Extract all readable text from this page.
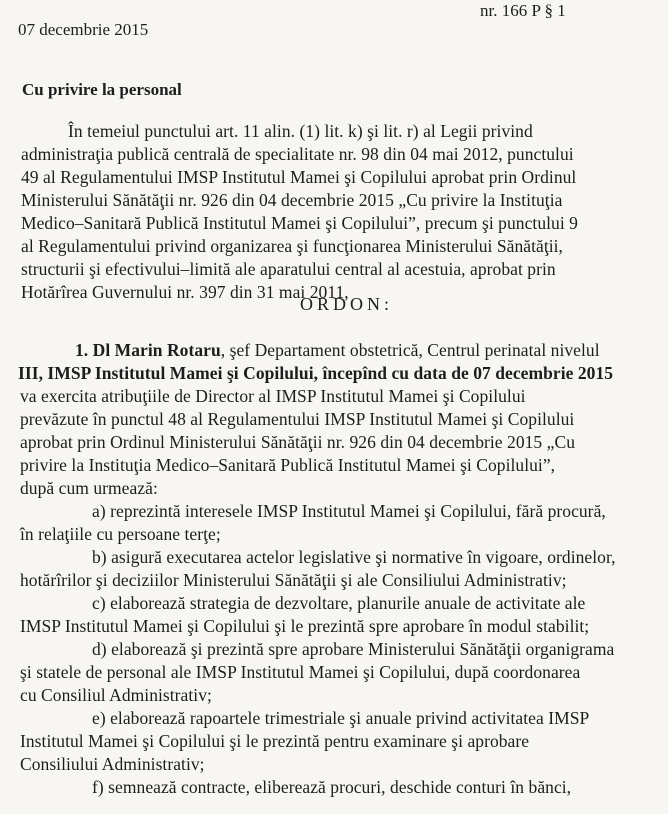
nr. 166 P § 1
07 decembrie 2015
Cu privire la personal
În temeiul punctului art. 11 alin. (1) lit. k) şi lit. r) al Legii privind
administraţia publică centrală de specialitate nr. 98 din 04 mai 2012, punctului
49 al Regulamentului IMSP Institutul Mamei şi Copilului aprobat prin Ordinul
Ministerului Sănătăţii nr. 926 din 04 decembrie 2015 „Cu privire la Instituţia
Medico–Sanitară Publică Institutul Mamei şi Copilului”, precum şi punctului 9
al Regulamentului privind organizarea şi funcţionarea Ministerului Sănătăţii,
structurii şi efectivului–limită ale aparatului central al acestuia, aprobat prin
Hotărîrea Guvernului nr. 397 din 31 mai 2011,
ORDON:
1. Dl Marin Rotaru, şef Departament obstetrică, Centrul perinatal nivelul
III, IMSP Institutul Mamei şi Copilului, începînd cu data de 07 decembrie 2015
va exercita atribuţiile de Director al IMSP Institutul Mamei şi Copilului
prevăzute în punctul 48 al Regulamentului IMSP Institutul Mamei şi Copilului
aprobat prin Ordinul Ministerului Sănătăţii nr. 926 din 04 decembrie 2015 „Cu
privire la Instituţia Medico–Sanitară Publică Institutul Mamei şi Copilului”,
după cum urmează:
a) reprezintă interesele IMSP Institutul Mamei şi Copilului, fără procură,
în relaţiile cu persoane terţe;
b) asigură executarea actelor legislative şi normative în vigoare, ordinelor,
hotărîrilor şi deciziilor Ministerului Sănătăţii şi ale Consiliului Administrativ;
c) elaborează strategia de dezvoltare, planurile anuale de activitate ale
IMSP Institutul Mamei şi Copilului şi le prezintă spre aprobare în modul stabilit;
d) elaborează şi prezintă spre aprobare Ministerului Sănătăţii organigrama
şi statele de personal ale IMSP Institutul Mamei şi Copilului, după coordonarea
cu Consiliul Administrativ;
e) elaborează rapoartele trimestriale şi anuale privind activitatea IMSP
Institutul Mamei şi Copilului şi le prezintă pentru examinare şi aprobare
Consiliului Administrativ;
f) semnează contracte, eliberează procuri, deschide conturi în bănci,
